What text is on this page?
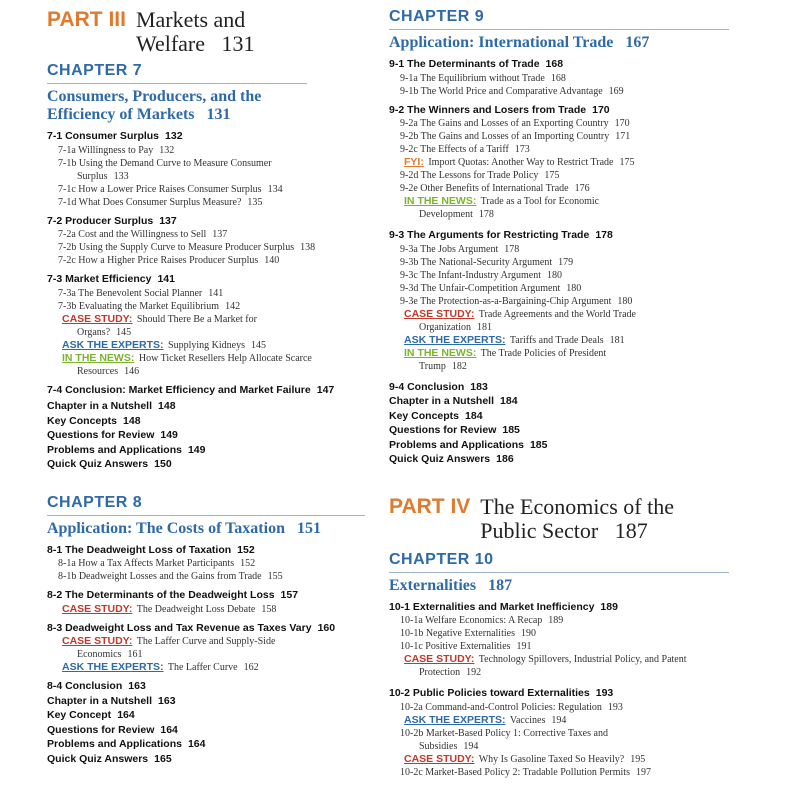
PART III Markets and Welfare 131
CHAPTER 7
Consumers, Producers, and the Efficiency of Markets 131
7-1 Consumer Surplus 132
7-1a Willingness to Pay 132
7-1b Using the Demand Curve to Measure Consumer Surplus 133
7-1c How a Lower Price Raises Consumer Surplus 134
7-1d What Does Consumer Surplus Measure? 135
7-2 Producer Surplus 137
7-2a Cost and the Willingness to Sell 137
7-2b Using the Supply Curve to Measure Producer Surplus 138
7-2c How a Higher Price Raises Producer Surplus 140
7-3 Market Efficiency 141
7-3a The Benevolent Social Planner 141
7-3b Evaluating the Market Equilibrium 142
CASE STUDY: Should There Be a Market for Organs? 145
ASK THE EXPERTS: Supplying Kidneys 145
IN THE NEWS: How Ticket Resellers Help Allocate Scarce Resources 146
7-4 Conclusion: Market Efficiency and Market Failure 147
Chapter in a Nutshell 148
Key Concepts 148
Questions for Review 149
Problems and Applications 149
Quick Quiz Answers 150
CHAPTER 8
Application: The Costs of Taxation 151
8-1 The Deadweight Loss of Taxation 152
8-1a How a Tax Affects Market Participants 152
8-1b Deadweight Losses and the Gains from Trade 155
8-2 The Determinants of the Deadweight Loss 157
CASE STUDY: The Deadweight Loss Debate 158
8-3 Deadweight Loss and Tax Revenue as Taxes Vary 160
CASE STUDY: The Laffer Curve and Supply-Side Economics 161
ASK THE EXPERTS: The Laffer Curve 162
8-4 Conclusion 163
Chapter in a Nutshell 163
Key Concept 164
Questions for Review 164
Problems and Applications 164
Quick Quiz Answers 165
CHAPTER 9
Application: International Trade 167
9-1 The Determinants of Trade 168
9-1a The Equilibrium without Trade 168
9-1b The World Price and Comparative Advantage 169
9-2 The Winners and Losers from Trade 170
9-2a The Gains and Losses of an Exporting Country 170
9-2b The Gains and Losses of an Importing Country 171
9-2c The Effects of a Tariff 173
FYI: Import Quotas: Another Way to Restrict Trade 175
9-2d The Lessons for Trade Policy 175
9-2e Other Benefits of International Trade 176
IN THE NEWS: Trade as a Tool for Economic Development 178
9-3 The Arguments for Restricting Trade 178
9-3a The Jobs Argument 178
9-3b The National-Security Argument 179
9-3c The Infant-Industry Argument 180
9-3d The Unfair-Competition Argument 180
9-3e The Protection-as-a-Bargaining-Chip Argument 180
CASE STUDY: Trade Agreements and the World Trade Organization 181
ASK THE EXPERTS: Tariffs and Trade Deals 181
IN THE NEWS: The Trade Policies of President Trump 182
9-4 Conclusion 183
Chapter in a Nutshell 184
Key Concepts 184
Questions for Review 185
Problems and Applications 185
Quick Quiz Answers 186
PART IV The Economics of the Public Sector 187
CHAPTER 10
Externalities 187
10-1 Externalities and Market Inefficiency 189
10-1a Welfare Economics: A Recap 189
10-1b Negative Externalities 190
10-1c Positive Externalities 191
CASE STUDY: Technology Spillovers, Industrial Policy, and Patent Protection 192
10-2 Public Policies toward Externalities 193
10-2a Command-and-Control Policies: Regulation 193
ASK THE EXPERTS: Vaccines 194
10-2b Market-Based Policy 1: Corrective Taxes and Subsidies 194
CASE STUDY: Why Is Gasoline Taxed So Heavily? 195
10-2c Market-Based Policy 2: Tradable Pollution Permits 197
